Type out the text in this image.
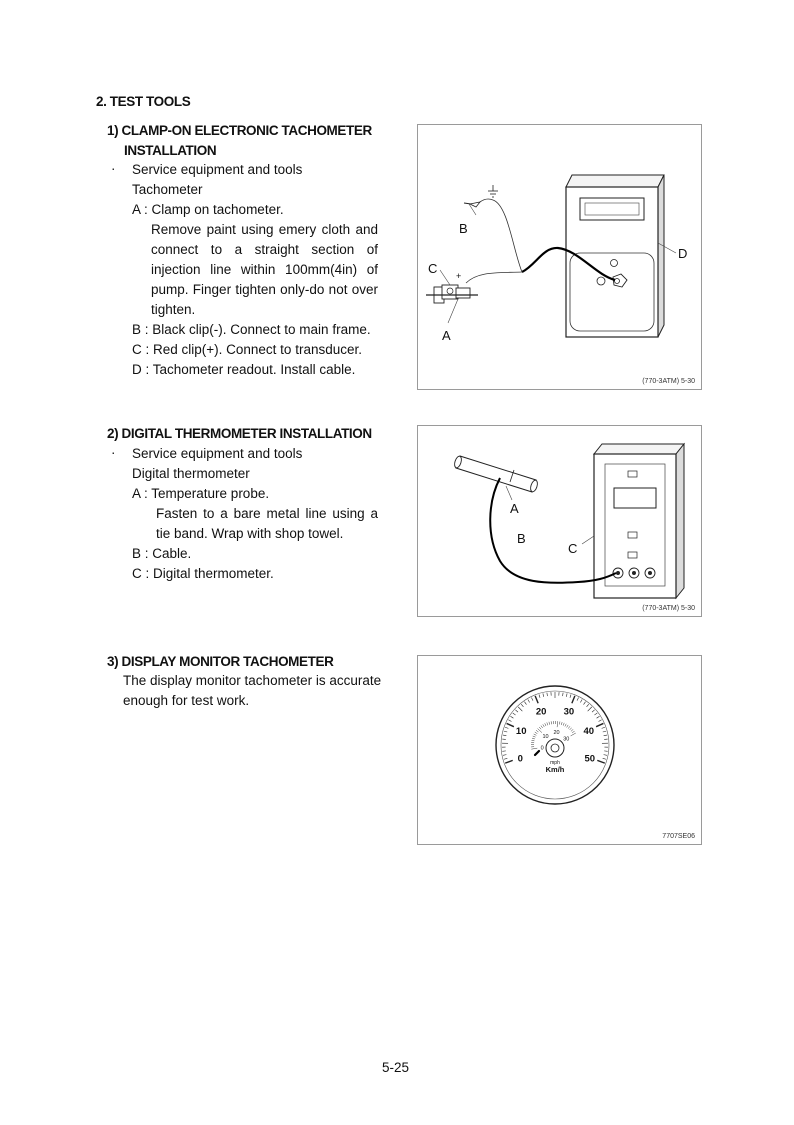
2. TEST TOOLS
1) CLAMP-ON ELECTRONIC TACHOMETER
INSTALLATION
· Service equipment and tools
Tachometer
A : Clamp on tachometer.
Remove paint using emery cloth and
connect to a straight section of
injection line within 100mm(4in) of
pump. Finger tighten only-do not over
tighten.
B : Black clip(-). Connect to main frame.
C : Red clip(+). Connect to transducer.
D : Tachometer readout. Install cable.
B
C +
A
D
(770-3ATM) 5-30
2) DIGITAL THERMOMETER INSTALLATION
· Service equipment and tools
Digital thermometer
A : Temperature probe.
Fasten to a bare metal line using a
tie band. Wrap with shop towel.
B : Cable.
C : Digital thermometer.
A
B
C
(770-3ATM) 5-30
3) DISPLAY MONITOR TACHOMETER
The display monitor tachometer is accurate
enough for test work.
0
10
20 30
40
50
0
10
20
30
mph
Km/h
7707SE06
5-25
